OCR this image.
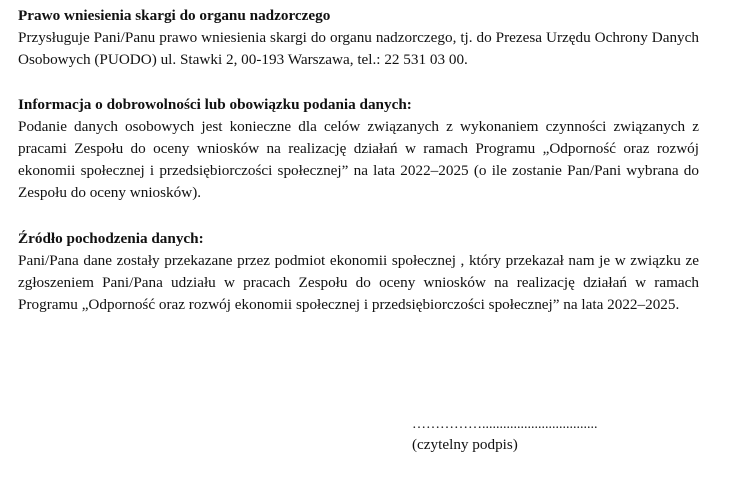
Prawo wniesienia skargi do organu nadzorczego

Przysługuje Pani/Panu prawo wniesienia skargi do organu nadzorczego, tj. do Prezesa Urzędu Ochrony Danych Osobowych (PUODO) ul. Stawki 2, 00-193 Warszawa, tel.: 22 531 03 00.

Informacja o dobrowolności lub obowiązku podania danych:

Podanie danych osobowych jest konieczne dla celów związanych z wykonaniem czynności związanych z pracami Zespołu do oceny wniosków na realizację działań w ramach Programu „Odporność oraz rozwój ekonomii społecznej i przedsiębiorczości społecznej” na lata 2022–2025 (o ile zostanie Pan/Pani wybrana do Zespołu do oceny wniosków).

Źródło pochodzenia danych:

Pani/Pana dane zostały przekazane przez podmiot ekonomii społecznej , który przekazał nam je w związku ze zgłoszeniem Pani/Pana udziału w pracach Zespołu do oceny wniosków na realizację działań w ramach Programu „Odporność oraz rozwój ekonomii społecznej i przedsiębiorczości społecznej” na lata 2022–2025.

…………….................................
(czytelny podpis)
